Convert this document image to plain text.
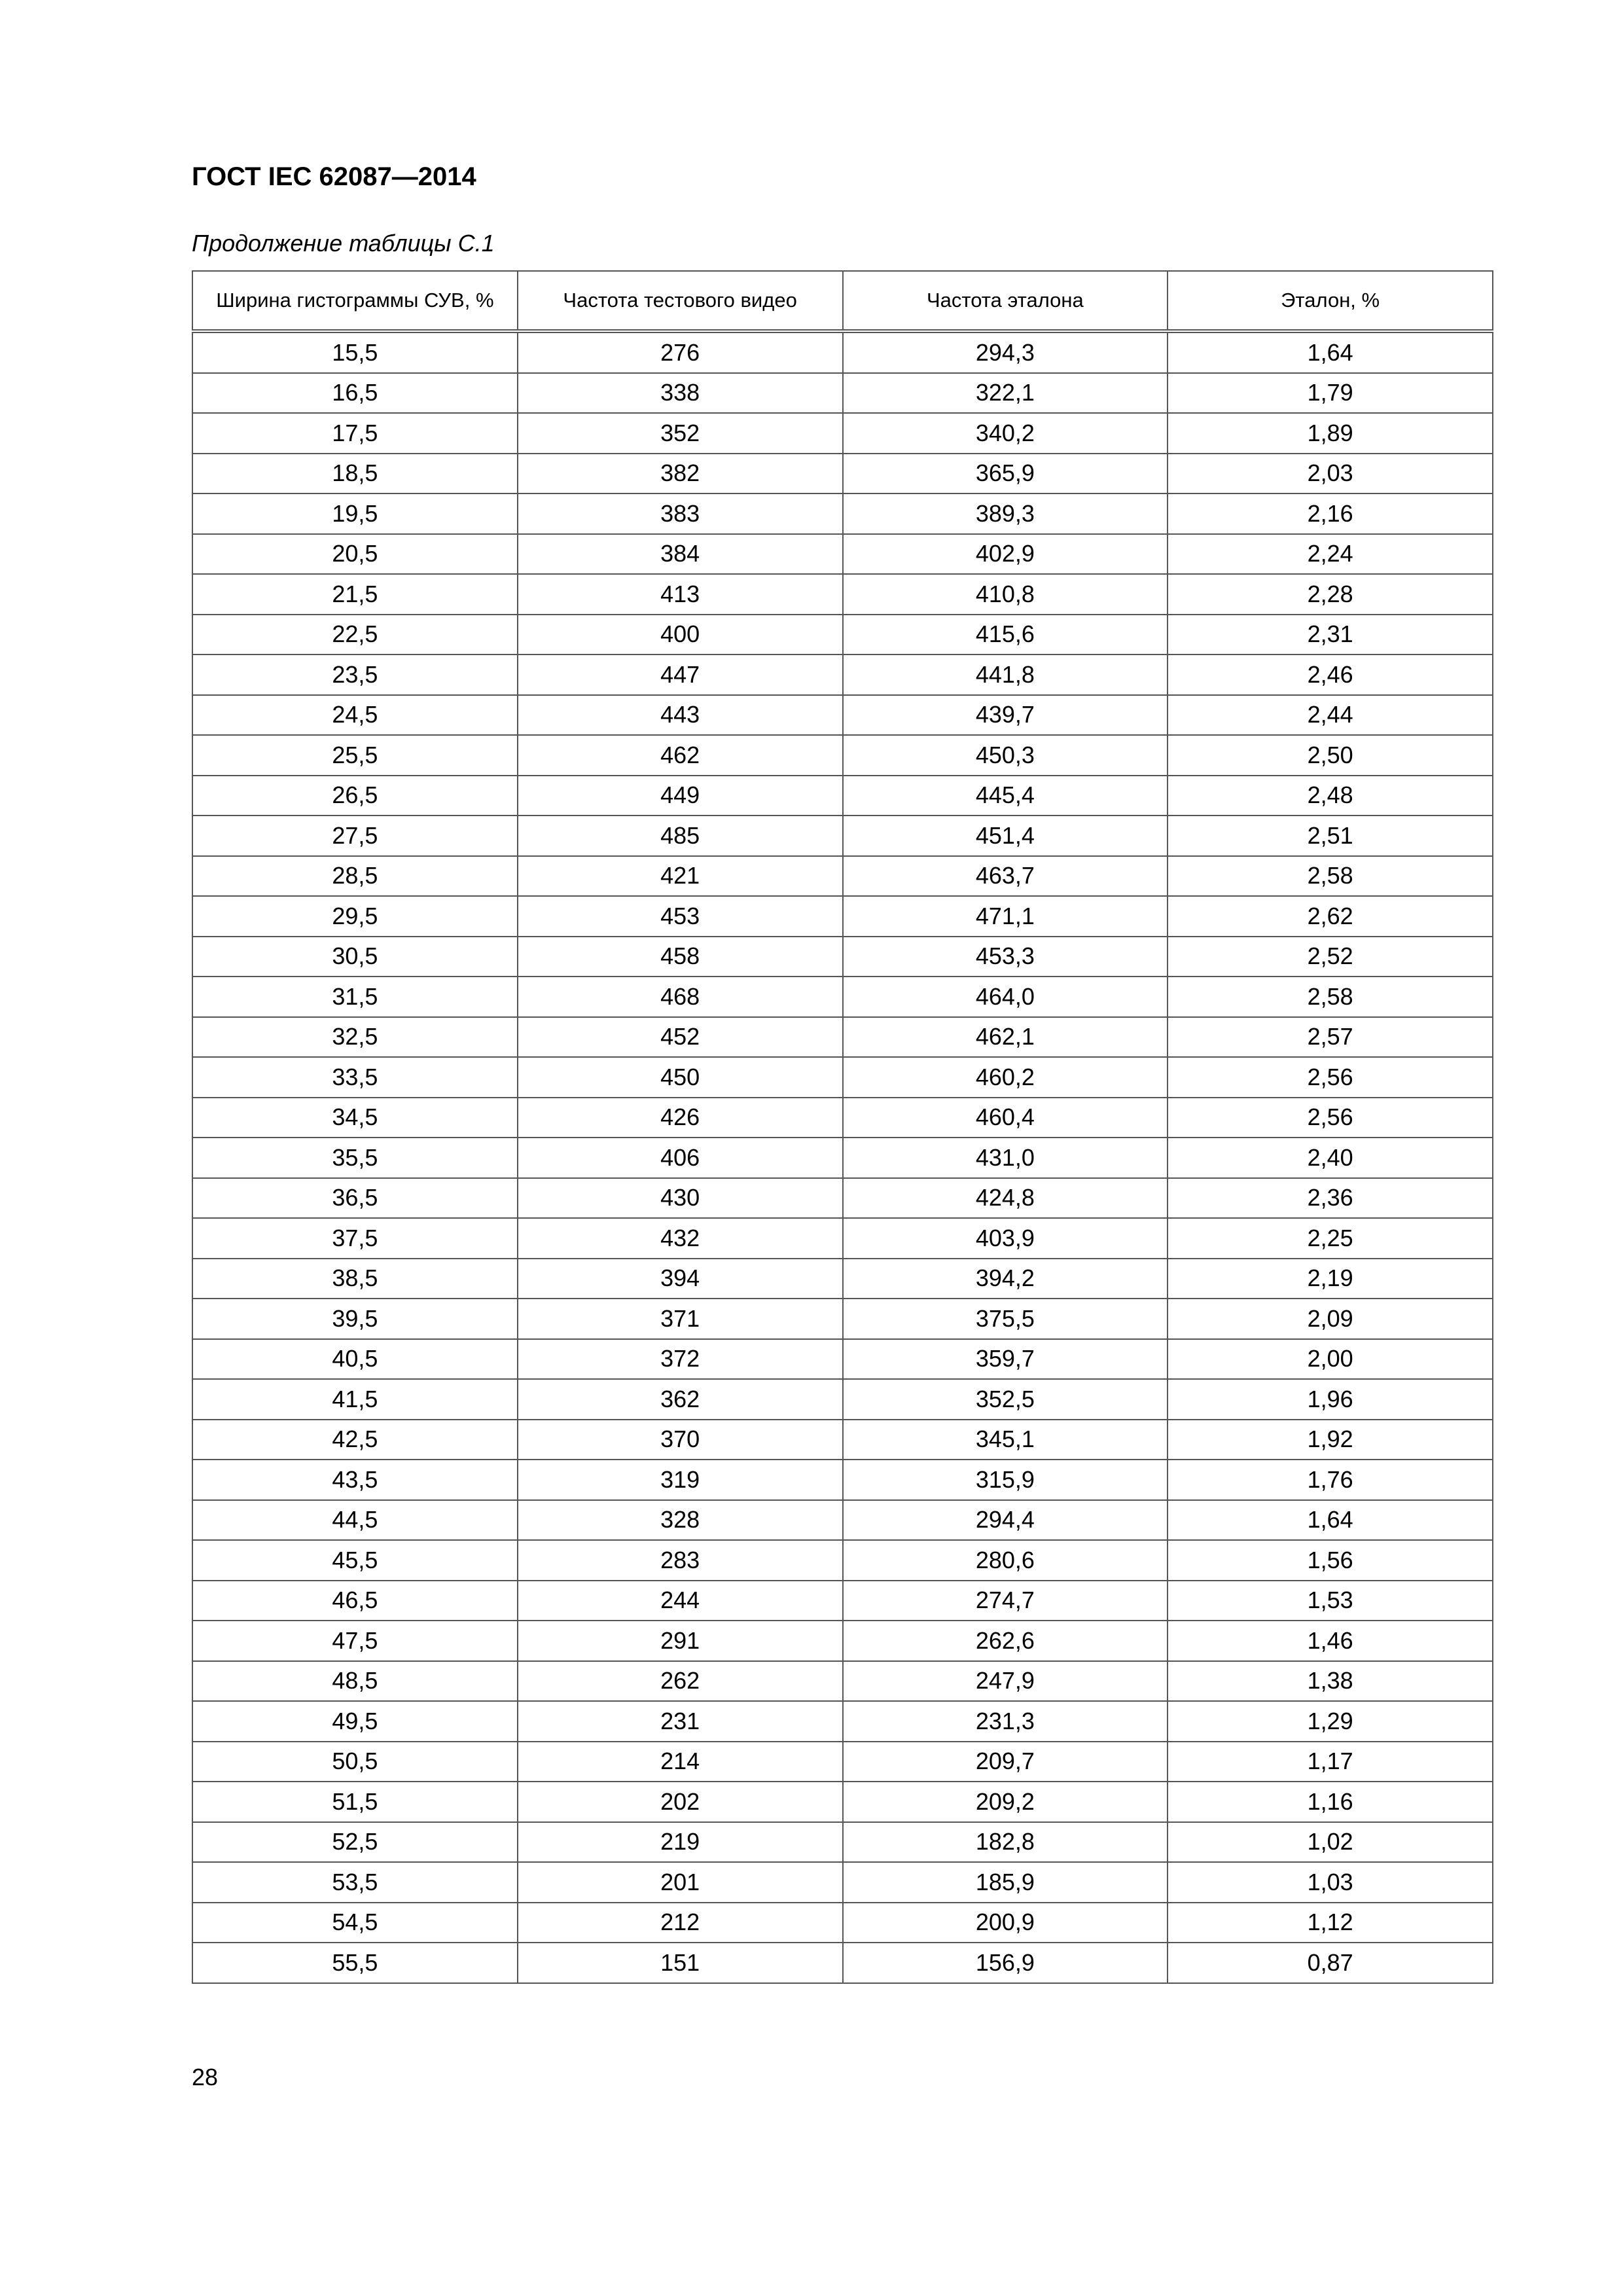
ГОСТ IEC 62087—2014
Продолжение таблицы С.1
Ширина гистограммы СУВ, %	Частота тестового видео	Частота эталона	Эталон, %
15,5	276	294,3	1,64
16,5	338	322,1	1,79
17,5	352	340,2	1,89
18,5	382	365,9	2,03
19,5	383	389,3	2,16
20,5	384	402,9	2,24
21,5	413	410,8	2,28
22,5	400	415,6	2,31
23,5	447	441,8	2,46
24,5	443	439,7	2,44
25,5	462	450,3	2,50
26,5	449	445,4	2,48
27,5	485	451,4	2,51
28,5	421	463,7	2,58
29,5	453	471,1	2,62
30,5	458	453,3	2,52
31,5	468	464,0	2,58
32,5	452	462,1	2,57
33,5	450	460,2	2,56
34,5	426	460,4	2,56
35,5	406	431,0	2,40
36,5	430	424,8	2,36
37,5	432	403,9	2,25
38,5	394	394,2	2,19
39,5	371	375,5	2,09
40,5	372	359,7	2,00
41,5	362	352,5	1,96
42,5	370	345,1	1,92
43,5	319	315,9	1,76
44,5	328	294,4	1,64
45,5	283	280,6	1,56
46,5	244	274,7	1,53
47,5	291	262,6	1,46
48,5	262	247,9	1,38
49,5	231	231,3	1,29
50,5	214	209,7	1,17
51,5	202	209,2	1,16
52,5	219	182,8	1,02
53,5	201	185,9	1,03
54,5	212	200,9	1,12
55,5	151	156,9	0,87
28
